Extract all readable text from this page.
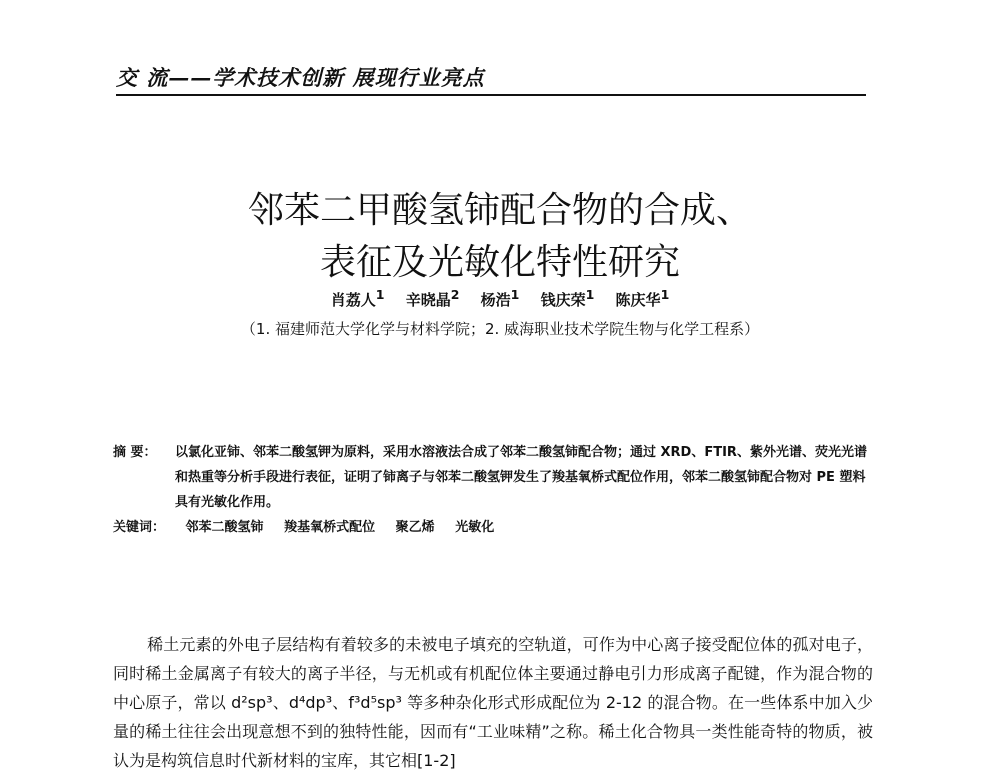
交 流——学术技术创新 展现行业亮点
邻苯二甲酸氢铈配合物的合成、
表征及光敏化特性研究
肖荔人$^1$ 辛晓晶$^2$ 杨浩$^1$ 钱庆荣$^1$ 陈庆华$^1$
（1. 福建师范大学化学与材料学院；2. 威海职业技术学院生物与化学工程系）
摘 要：	以氯化亚铈、邻苯二酸氢钾为原料，采用水溶液法合成了邻苯二酸氢铈配合物；通过 XRD、FTIR、紫外光谱、荧光光谱和热重等分析手段进行表征，证明了铈离子与邻苯二酸氢钾发生了羧基氧桥式配位作用，邻苯二酸氢铈配合物对 PE 塑料具有光敏化作用。
关键词： 邻苯二酸氢铈 羧基氧桥式配位 聚乙烯 光敏化
稀土元素的外电子层结构有着较多的未被电子填充的空轨道，可作为中心离子接受配位体的孤对电子，同时稀土金属离子有较大的离子半径，与无机或有机配位体主要通过静电引力形成离子配键，作为混合物的中心原子，常以 d²sp³、d⁴dp³、f³d⁵sp³ 等多种杂化形式形成配位为 2-12 的混合物。在一些体系中加入少量的稀土往往会出现意想不到的独特性能，因而有“工业味精”之称。稀土化合物具一类性能奇特的物质，被认为是构筑信息时代新材料的宝库，其它相[1-2]
